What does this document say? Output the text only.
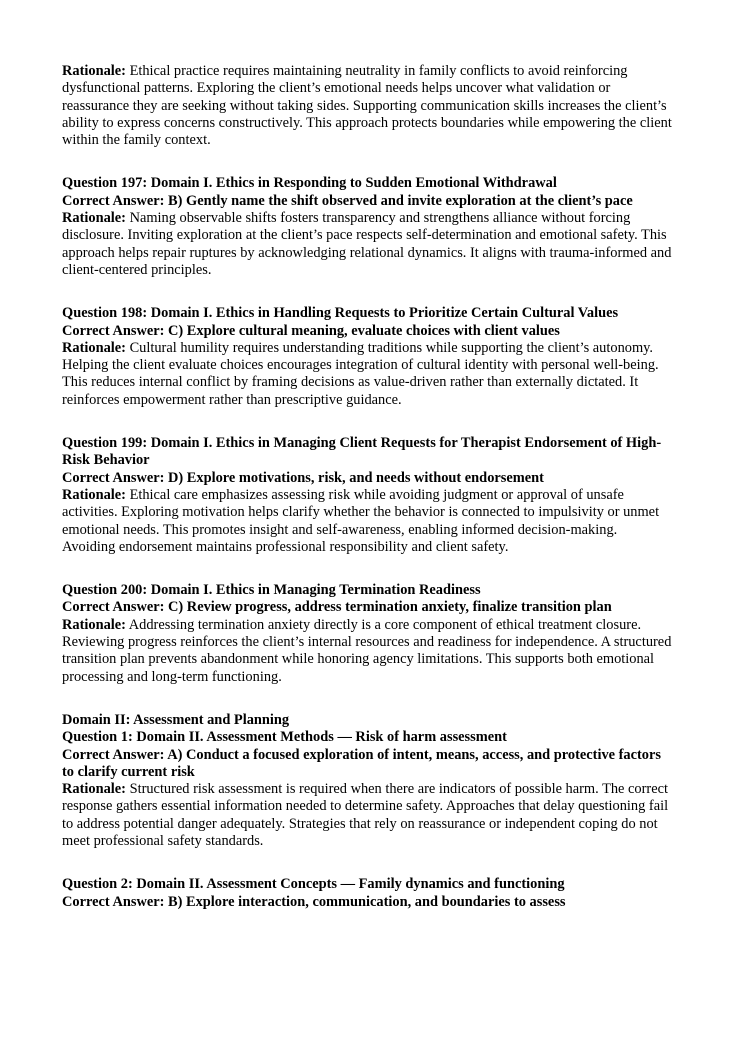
Rationale: Ethical practice requires maintaining neutrality in family conflicts to avoid reinforcing dysfunctional patterns. Exploring the client’s emotional needs helps uncover what validation or reassurance they are seeking without taking sides. Supporting communication skills increases the client’s ability to express concerns constructively. This approach protects boundaries while empowering the client within the family context.

Question 197: Domain I. Ethics in Responding to Sudden Emotional Withdrawal

Correct Answer: B) Gently name the shift observed and invite exploration at the client’s pace

Rationale: Naming observable shifts fosters transparency and strengthens alliance without forcing disclosure. Inviting exploration at the client’s pace respects self-determination and emotional safety. This approach helps repair ruptures by acknowledging relational dynamics. It aligns with trauma-informed and client-centered principles.

Question 198: Domain I. Ethics in Handling Requests to Prioritize Certain Cultural Values

Correct Answer: C) Explore cultural meaning, evaluate choices with client values

Rationale: Cultural humility requires understanding traditions while supporting the client’s autonomy. Helping the client evaluate choices encourages integration of cultural identity with personal well-being. This reduces internal conflict by framing decisions as value-driven rather than externally dictated. It reinforces empowerment rather than prescriptive guidance.

Question 199: Domain I. Ethics in Managing Client Requests for Therapist Endorsement of High-Risk Behavior

Correct Answer: D) Explore motivations, risk, and needs without endorsement

Rationale: Ethical care emphasizes assessing risk while avoiding judgment or approval of unsafe activities. Exploring motivation helps clarify whether the behavior is connected to impulsivity or unmet emotional needs. This promotes insight and self-awareness, enabling informed decision-making. Avoiding endorsement maintains professional responsibility and client safety.

Question 200: Domain I. Ethics in Managing Termination Readiness

Correct Answer: C) Review progress, address termination anxiety, finalize transition plan

Rationale: Addressing termination anxiety directly is a core component of ethical treatment closure. Reviewing progress reinforces the client’s internal resources and readiness for independence. A structured transition plan prevents abandonment while honoring agency limitations. This supports both emotional processing and long-term functioning.

Domain II: Assessment and Planning

Question 1: Domain II. Assessment Methods — Risk of harm assessment

Correct Answer: A) Conduct a focused exploration of intent, means, access, and protective factors to clarify current risk

Rationale: Structured risk assessment is required when there are indicators of possible harm. The correct response gathers essential information needed to determine safety. Approaches that delay questioning fail to address potential danger adequately. Strategies that rely on reassurance or independent coping do not meet professional safety standards.

Question 2: Domain II. Assessment Concepts — Family dynamics and functioning

Correct Answer: B) Explore interaction, communication, and boundaries to assess
